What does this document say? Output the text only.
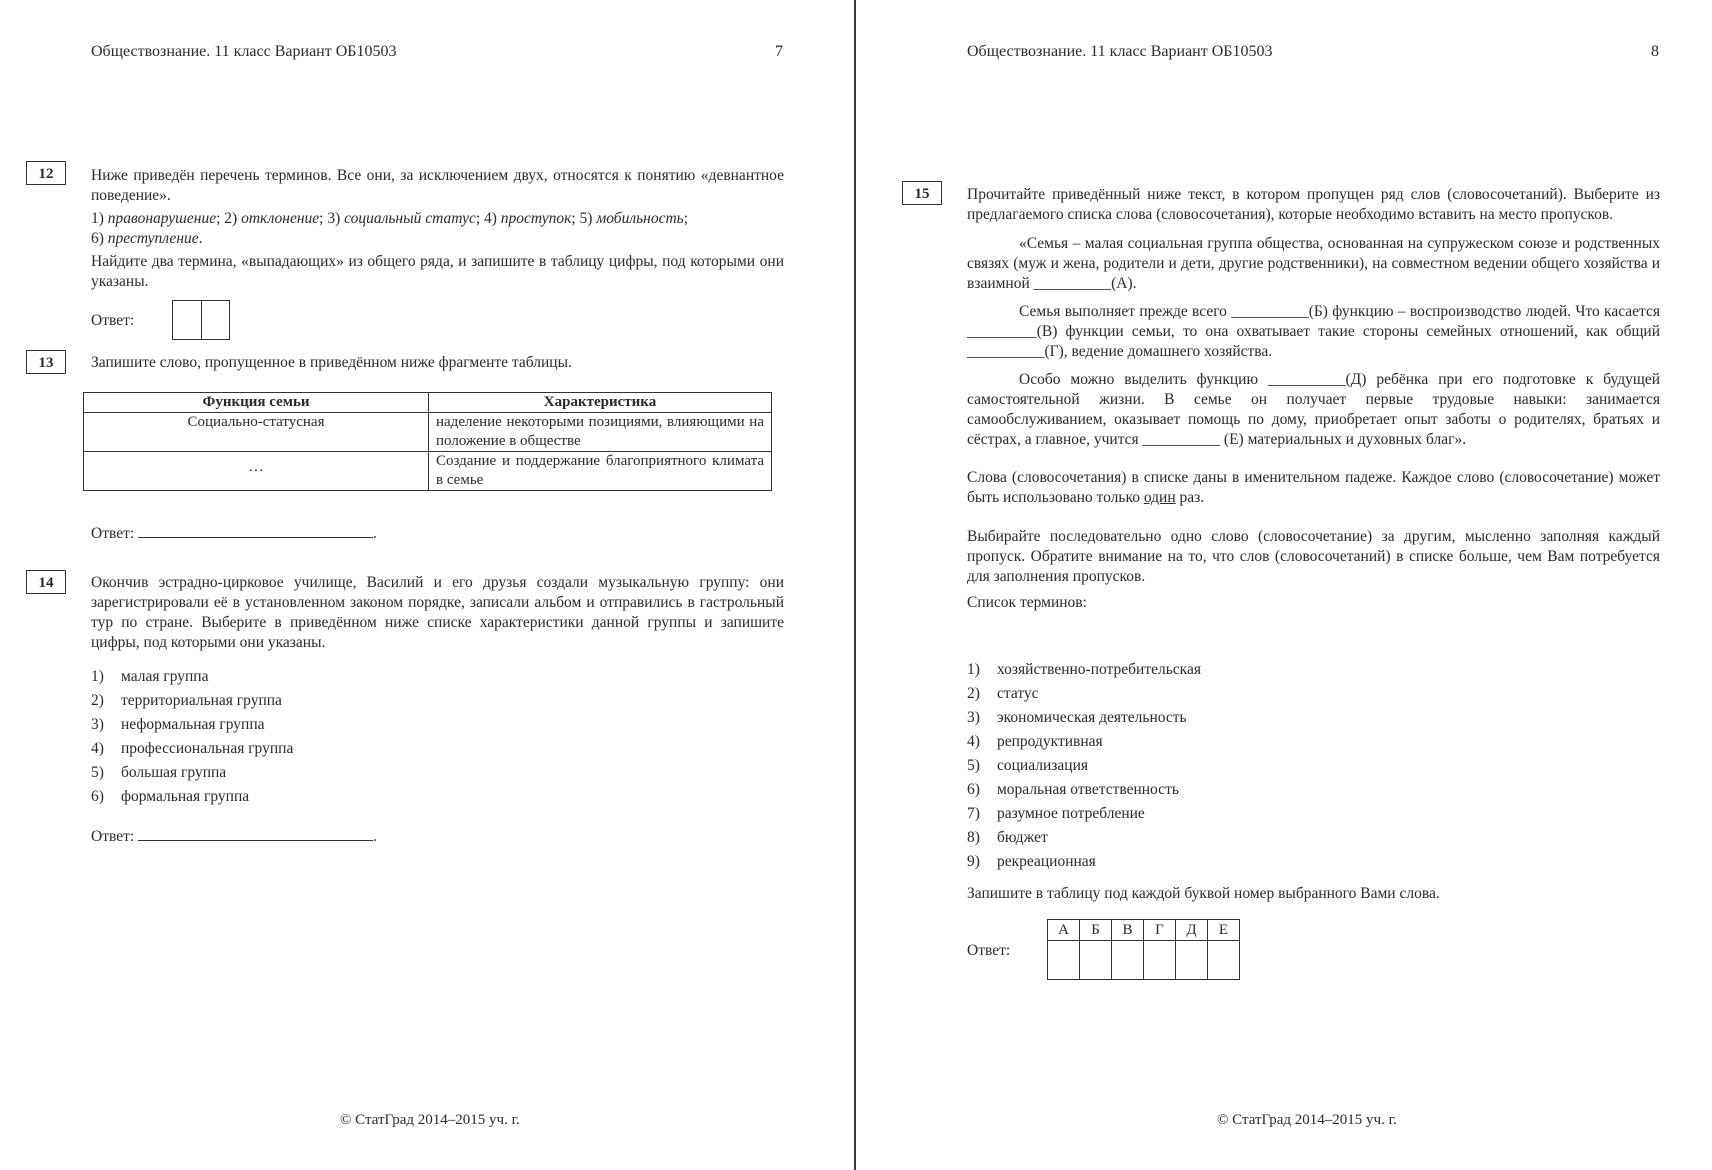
Обществознание. 11 класс Вариант ОБ10503	7
12	Ниже приведён перечень терминов. Все они, за исключением двух, относятся к понятию «девнантное поведение».

1) правонарушение; 2) отклонение; 3) социальный статус; 4) проступок; 5) мобильность;
6) преступление.

Найдите два термина, «выпадающих» из общего ряда, и запишите в таблицу цифры, под которыми они указаны.

Ответ:
13	Запишите слово, пропущенное в приведённом ниже фрагменте таблицы.
Функция семьи	Характеристика
Социально-статусная	наделение некоторыми позициями, влияющими на положение в обществе
…	Создание и поддержание благоприятного климата в семье
Ответ:	.
14	Окончив эстрадно-цирковое училище, Василий и его друзья создали музыкальную группу: они зарегистрировали её в установленном законом порядке, записали альбом и отправились в гастрольный тур по стране. Выберите в приведённом ниже списке характеристики данной группы и запишите цифры, под которыми они указаны.
1) малая группа
2) территориальная группа
3) неформальная группа
4) профессиональная группа
5) большая группа
6) формальная группа
Ответ:	.
© СтатГрад 2014–2015 уч. г.
Обществознание. 11 класс Вариант ОБ10503	8
15	Прочитайте приведённый ниже текст, в котором пропущен ряд слов (словосочетаний). Выберите из предлагаемого списка слова (словосочетания), которые необходимо вставить на место пропусков.

«Семья – малая социальная группа общества, основанная на супружеском союзе и родственных связях (муж и жена, родители и дети, другие родственники), на совместном ведении общего хозяйства и взаимной __________(А).

Семья выполняет прежде всего __________(Б) функцию – воспроизводство людей. Что касается _________(В) функции семьи, то она охватывает такие стороны семейных отношений, как общий __________(Г), ведение домашнего хозяйства.

Особо можно выделить функцию __________(Д) ребёнка при его подготовке к будущей самостоятельной жизни. В семье он получает первые трудовые навыки: занимается самообслуживанием, оказывает помощь по дому, приобретает опыт заботы о родителях, братьях и сёстрах, а главное, учится __________ (Е) материальных и духовных благ».

Слова (словосочетания) в списке даны в именительном падеже. Каждое слово (словосочетание) может быть использовано только один раз.

Выбирайте последовательно одно слово (словосочетание) за другим, мысленно заполняя каждый пропуск. Обратите внимание на то, что слов (словосочетаний) в списке больше, чем Вам потребуется для заполнения пропусков.

Список терминов:

1) хозяйственно-потребительская
2) статус
3) экономическая деятельность
4) репродуктивная
5) социализация
6) моральная ответственность
7) разумное потребление
8) бюджет
9) рекреационная
Запишите в таблицу под каждой буквой номер выбранного Вами слова.
Ответ:
А	Б	В	Г	Д	Е

© СтатГрад 2014–2015 уч. г.
